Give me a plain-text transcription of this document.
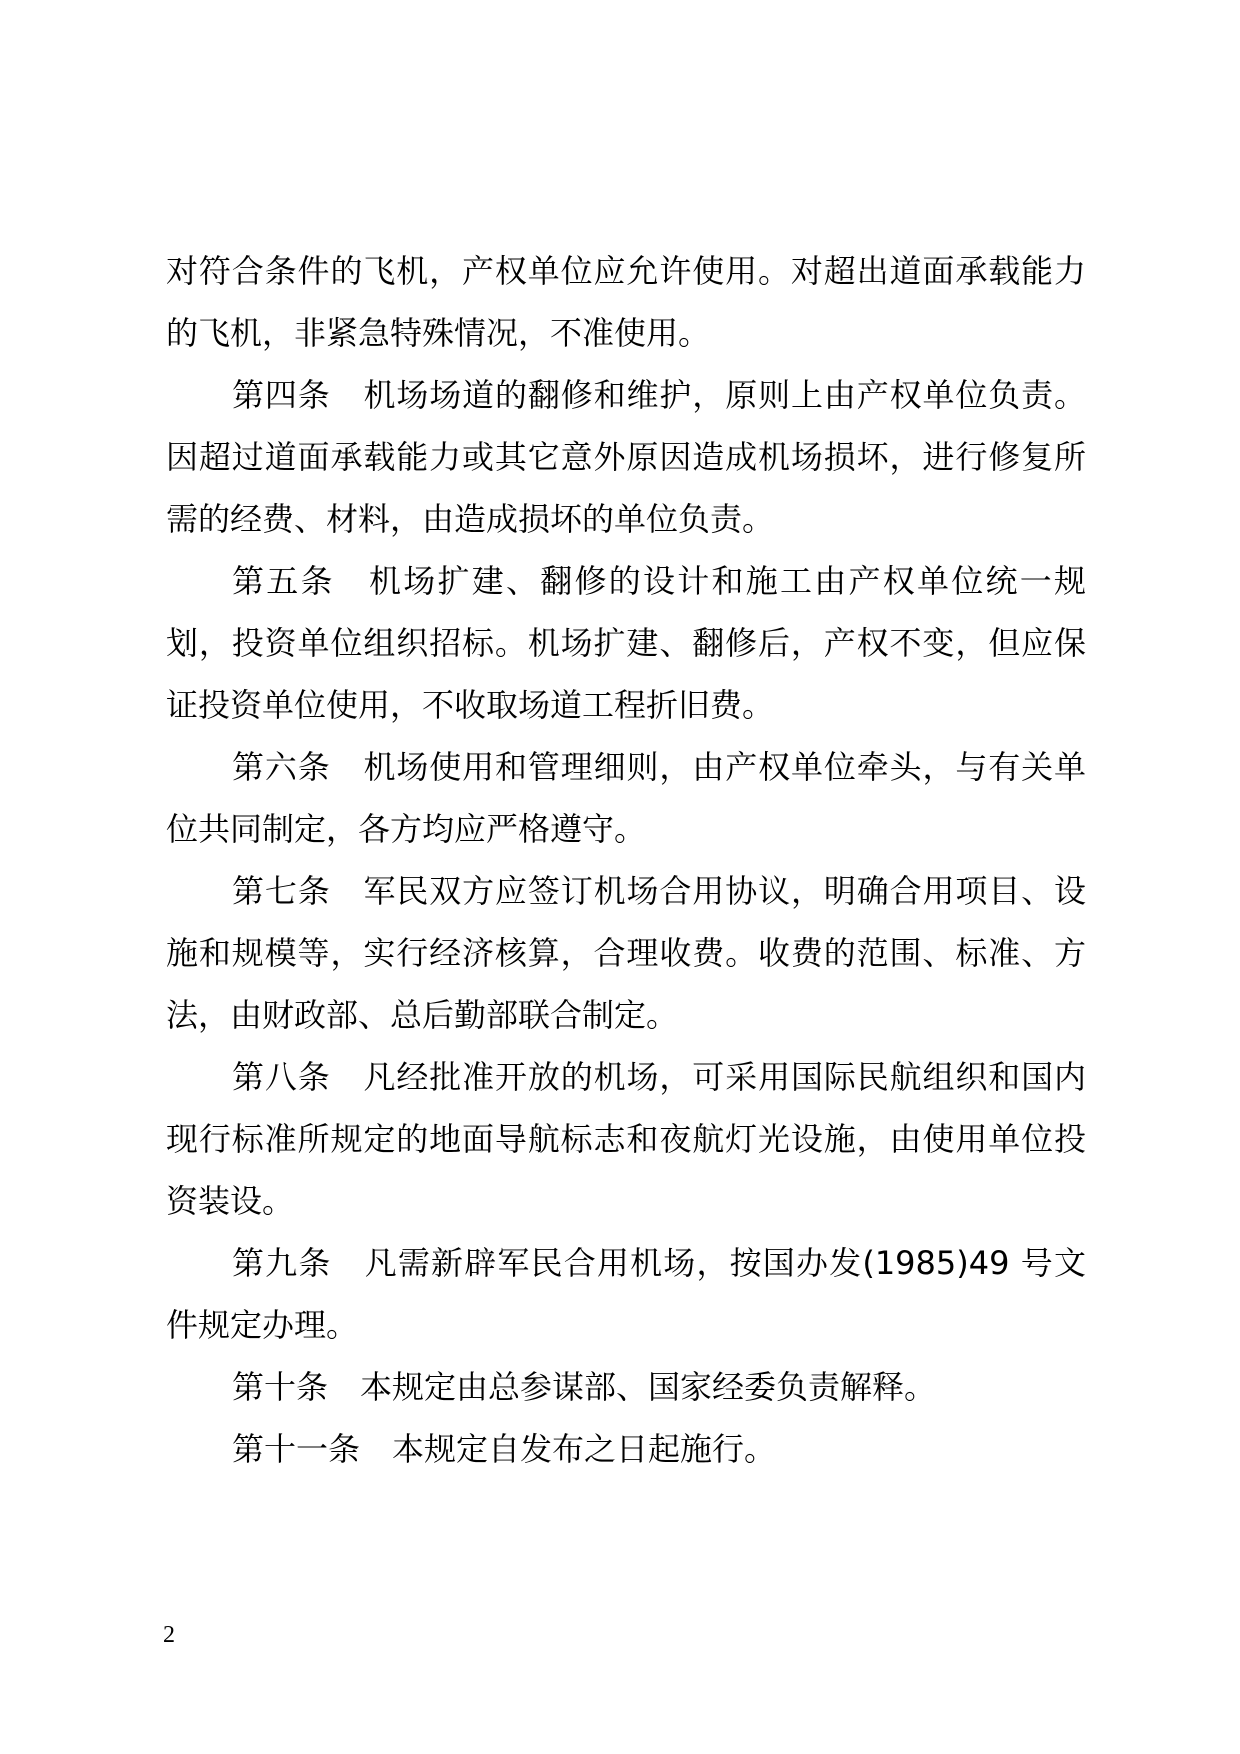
对符合条件的飞机，产权单位应允许使用。对超出道面承载能力的飞机，非紧急特殊情况，不准使用。

第四条　机场场道的翻修和维护，原则上由产权单位负责。因超过道面承载能力或其它意外原因造成机场损坏，进行修复所需的经费、材料，由造成损坏的单位负责。

第五条　机场扩建、翻修的设计和施工由产权单位统一规划，投资单位组织招标。机场扩建、翻修后，产权不变，但应保证投资单位使用，不收取场道工程折旧费。

第六条　机场使用和管理细则，由产权单位牵头，与有关单位共同制定，各方均应严格遵守。

第七条　军民双方应签订机场合用协议，明确合用项目、设施和规模等，实行经济核算，合理收费。收费的范围、标准、方法，由财政部、总后勤部联合制定。

第八条　凡经批准开放的机场，可采用国际民航组织和国内现行标准所规定的地面导航标志和夜航灯光设施，由使用单位投资装设。

第九条　凡需新辟军民合用机场，按国办发(1985)49 号文件规定办理。

第十条　本规定由总参谋部、国家经委负责解释。

第十一条　本规定自发布之日起施行。

2
